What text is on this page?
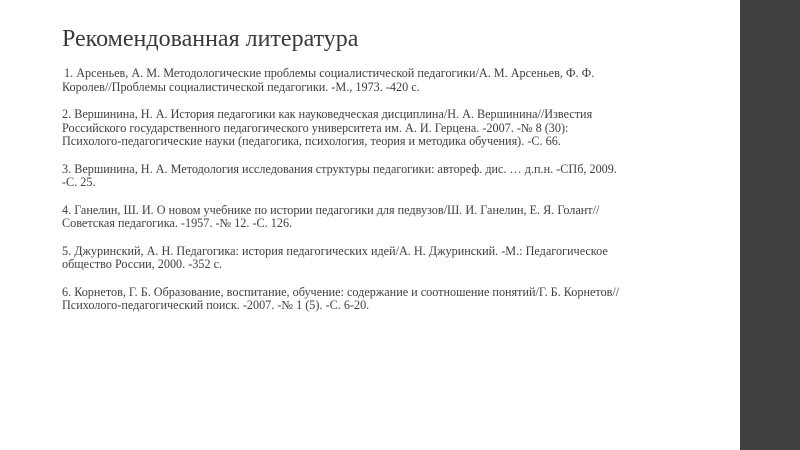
Рекомендованная литература
1. Арсеньев, А. М. Методологические проблемы социалистической педагогики/А. М. Арсеньев, Ф. Ф. Королев//Проблемы социалистической педагогики. -М., 1973. -420 с.
2. Вершинина, Н. А. История педагогики как науковедческая дисциплина/Н. А. Вершинина//Известия Российского государственного педагогического университета им. А. И. Герцена. -2007. -№ 8 (30): Психолого-педагогические науки (педагогика, психология, теория и методика обучения). -С. 66.
3. Вершинина, Н. А. Методология исследования структуры педагогики: автореф. дис. … д.п.н. -СПб, 2009. -С. 25.
4. Ганелин, Ш. И. О новом учебнике по истории педагогики для педвузов/Ш. И. Ганелин, Е. Я. Голант//Советская педагогика. -1957. -№ 12. -С. 126.
5. Джуринский, А. Н. Педагогика: история педагогических идей/А. Н. Джуринский. -М.: Педагогическое общество России, 2000. -352 с.
6. Корнетов, Г. Б. Образование, воспитание, обучение: содержание и соотношение понятий/Г. Б. Корнетов//Психолого-педагогический поиск. -2007. -№ 1 (5). -С. 6-20.
